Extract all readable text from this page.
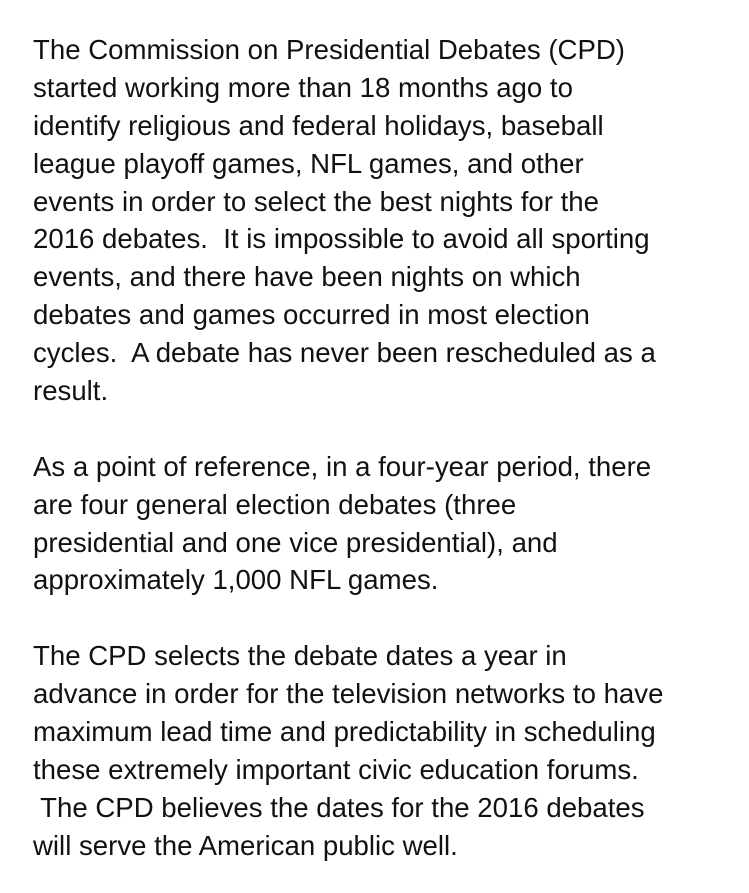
The Commission on Presidential Debates (CPD)
started working more than 18 months ago to
identify religious and federal holidays, baseball
league playoff games, NFL games, and other
events in order to select the best nights for the
2016 debates.  It is impossible to avoid all sporting
events, and there have been nights on which
debates and games occurred in most election
cycles.  A debate has never been rescheduled as a
result.
As a point of reference, in a four-year period, there
are four general election debates (three
presidential and one vice presidential), and
approximately 1,000 NFL games.
The CPD selects the debate dates a year in
advance in order for the television networks to have
maximum lead time and predictability in scheduling
these extremely important civic education forums.
The CPD believes the dates for the 2016 debates
will serve the American public well.
